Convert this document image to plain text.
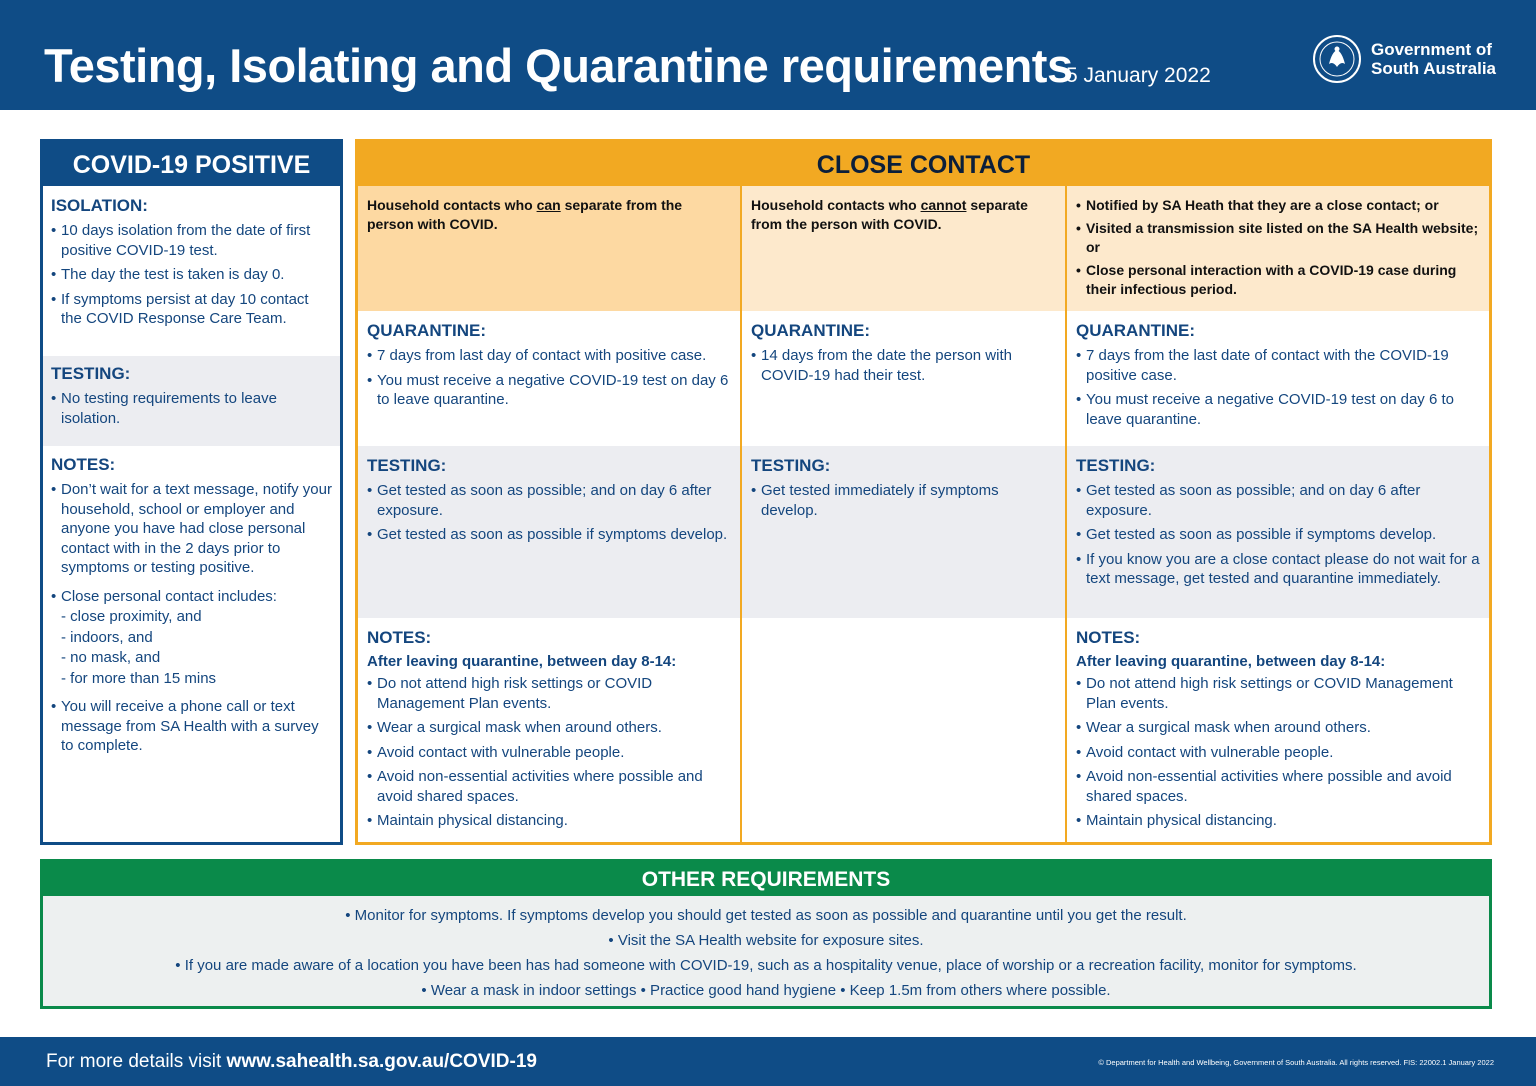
Testing, Isolating and Quarantine requirements
5 January 2022
Government of
South Australia
COVID-19 POSITIVE
ISOLATION:
• 10 days isolation from the date of first positive COVID-19 test.
• The day the test is taken is day 0.
• If symptoms persist at day 10 contact the COVID Response Care Team.
TESTING:
• No testing requirements to leave isolation.
NOTES:
• Don’t wait for a text message, notify your household, school or employer and anyone you have had close personal contact with in the 2 days prior to symptoms or testing positive.
• Close personal contact includes:
- close proximity, and
- indoors, and
- no mask, and
- for more than 15 mins
• You will receive a phone call or text message from SA Health with a survey to complete.
CLOSE CONTACT
Household contacts who can separate from the person with COVID.
QUARANTINE:
• 7 days from last day of contact with positive case.
• You must receive a negative COVID-19 test on day 6 to leave quarantine.
TESTING:
• Get tested as soon as possible; and on day 6 after exposure.
• Get tested as soon as possible if symptoms develop.
NOTES:
After leaving quarantine, between day 8-14:
• Do not attend high risk settings or COVID Management Plan events.
• Wear a surgical mask when around others.
• Avoid contact with vulnerable people.
• Avoid non-essential activities where possible and avoid shared spaces.
• Maintain physical distancing.
Household contacts who cannot separate from the person with COVID.
QUARANTINE:
• 14 days from the date the person with COVID-19 had their test.
TESTING:
• Get tested immediately if symptoms develop.
• Notified by SA Heath that they are a close contact; or
• Visited a transmission site listed on the SA Health website; or
• Close personal interaction with a COVID-19 case during their infectious period.
QUARANTINE:
• 7 days from the last date of contact with the COVID-19 positive case.
• You must receive a negative COVID-19 test on day 6 to leave quarantine.
TESTING:
• Get tested as soon as possible; and on day 6 after exposure.
• Get tested as soon as possible if symptoms develop.
• If you know you are a close contact please do not wait for a text message, get tested and quarantine immediately.
NOTES:
After leaving quarantine, between day 8-14:
• Do not attend high risk settings or COVID Management Plan events.
• Wear a surgical mask when around others.
• Avoid contact with vulnerable people.
• Avoid non-essential activities where possible and avoid shared spaces.
• Maintain physical distancing.
OTHER REQUIREMENTS

• Monitor for symptoms. If symptoms develop you should get tested as soon as possible and quarantine until you get the result.

• Visit the SA Health website for exposure sites.

• If you are made aware of a location you have been has had someone with COVID-19, such as a hospitality venue, place of worship or a recreation facility, monitor for symptoms.

• Wear a mask in indoor settings • Practice good hand hygiene • Keep 1.5m from others where possible.

For more details visit www.sahealth.sa.gov.au/COVID-19	© Department for Health and Wellbeing, Government of South Australia. All rights reserved. FIS: 22002.1 January 2022
